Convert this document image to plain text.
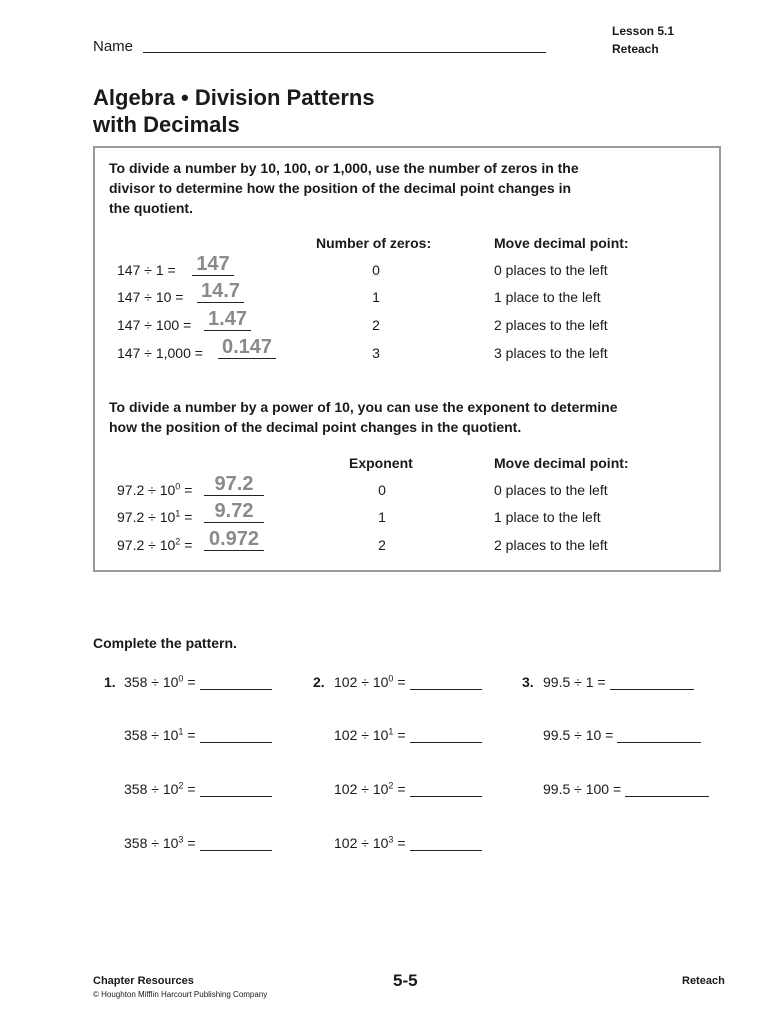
Lesson 5.1
Reteach
Name
Algebra • Division Patterns
with Decimals
To divide a number by 10, 100, or 1,000, use the number of zeros in the
divisor to determine how the position of the decimal point changes in
the quotient.
Number of zeros:	Move decimal point:
147 ÷ 1 = 147	0	0 places to the left
147 ÷ 10 = 14.7	1	1 place to the left
147 ÷ 100 = 1.47	2	2 places to the left
147 ÷ 1,000 = 0.147	3	3 places to the left
To divide a number by a power of 10, you can use the exponent to determine
how the position of the decimal point changes in the quotient.
Exponent	Move decimal point:
$97.2 \div 10^0$ =	97.2	0	0 places to the left
$97.2 \div 10^1$ =	9.72	1	1 place to the left
$97.2 \div 10^2 = 0.972$	2	2 places to the left
Complete the pattern.
1. $358 \div 10^0$ =
$358 \div 10^1$ =
$358 \div 10^2$ =
$358 \div 10^3$ =
2. $102 \div 10^0$ =
$102 \div 10^1$ =
$102 \div 10^2$ =
$102 \div 10^3$ =
3. 99.5 ÷ 1 =
99.5 ÷ 10 =
99.5 ÷ 100 =
Chapter Resources
© Houghton Mifflin Harcourt Publishing Company
5-5	Reteach
